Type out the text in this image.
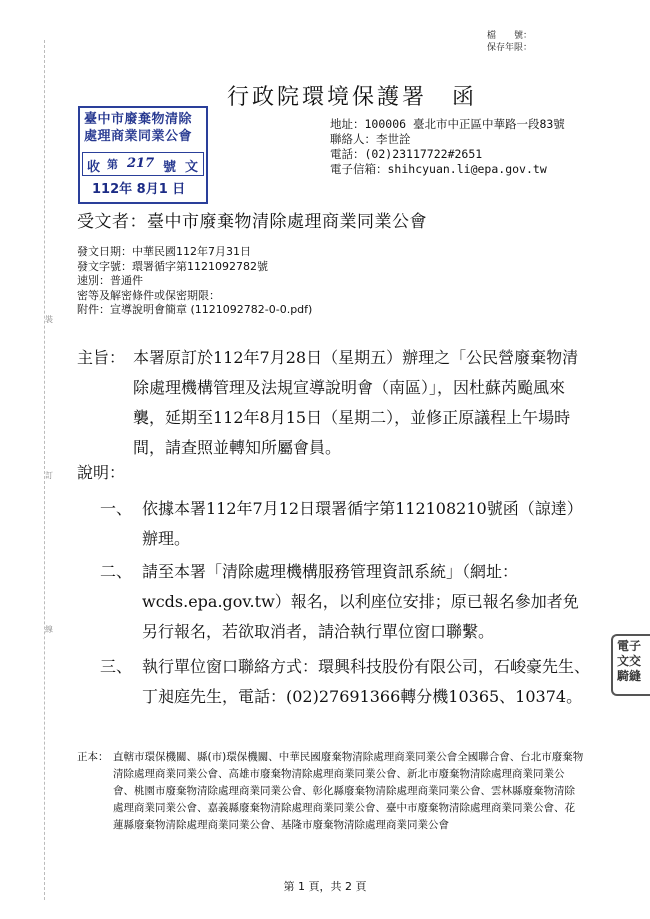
裝
訂
線
檔　　號：
保存年限：
行政院環境保護署　函
臺中市廢棄物清除
處理商業同業公會
收 第 217 號 文
112年 8月1 日
地址：100006 臺北市中正區中華路一段83號
聯絡人：李世詮
電話：(02)23117722#2651
電子信箱：shihcyuan.li@epa.gov.tw
受文者：臺中市廢棄物清除處理商業同業公會
發文日期：中華民國112年7月31日
發文字號：環署循字第1121092782號
速別：普通件
密等及解密條件或保密期限：
附件：宣導說明會簡章 (1121092782-0-0.pdf)
主旨： 本署原訂於112年7月28日（星期五）辦理之「公民營廢棄物清除處理機構管理及法規宣導說明會（南區）」，因杜蘇芮颱風來襲，延期至112年8月15日（星期二），並修正原議程上午場時間，請查照並轉知所屬會員。
說明：
一、 依據本署112年7月12日環署循字第112108210號函（諒達）辦理。
二、 請至本署「清除處理機構服務管理資訊系統」（網址：wcds.epa.gov.tw）報名，以利座位安排；原已報名參加者免另行報名，若欲取消者，請洽執行單位窗口聯繫。
三、 執行單位窗口聯絡方式：環興科技股份有限公司，石峻豪先生、丁昶庭先生，電話：(02)27691366轉分機10365、10374。
電子
文交
騎縫
正本： 直轄市環保機關、縣(市)環保機關、中華民國廢棄物清除處理商業同業公會全國聯合會、台北市廢棄物清除處理商業同業公會、高雄市廢棄物清除處理商業同業公會、新北市廢棄物清除處理商業同業公會、桃園市廢棄物清除處理商業同業公會、彰化縣廢棄物清除處理商業同業公會、雲林縣廢棄物清除處理商業同業公會、嘉義縣廢棄物清除處理商業同業公會、臺中市廢棄物清除處理商業同業公會、花蓮縣廢棄物清除處理商業同業公會、基隆市廢棄物清除處理商業同業公會
第 1 頁，共 2 頁
